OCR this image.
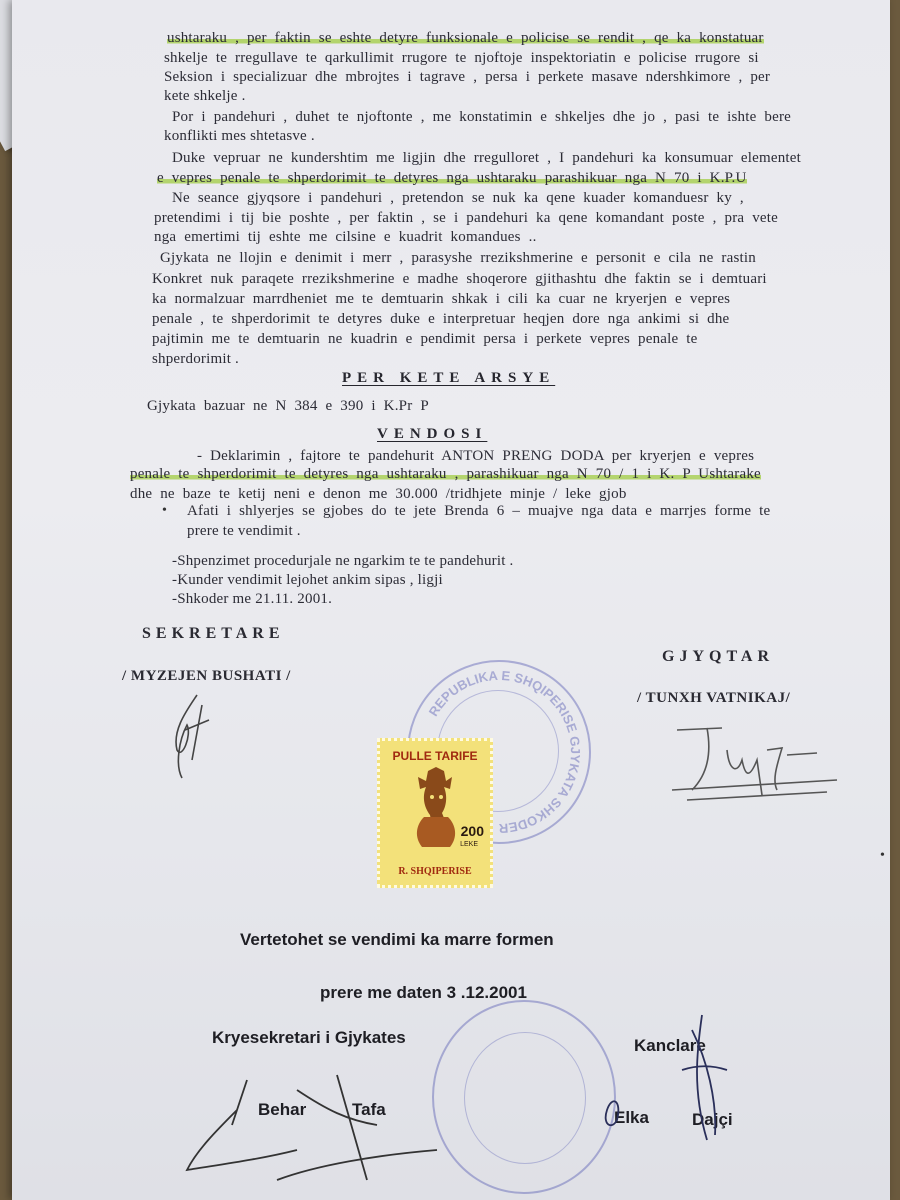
ushtaraku , per faktin se eshte detyre funksionale e policise se rendit , qe ka konstatuar
shkelje te rregullave te qarkullimit rrugore te njoftoje inspektoriatin e policise rrugore si
Seksion i specializuar dhe mbrojtes i tagrave , persa i perkete masave ndershkimore , per
kete shkelje .
Por i pandehuri , duhet te njoftonte , me konstatimin e shkeljes dhe jo , pasi te ishte bere
konflikti mes shtetasve .
Duke vepruar ne kundershtim me ligjin dhe rregulloret , I pandehuri ka konsumuar elementet
e vepres penale te shperdorimit te detyres nga ushtaraku parashikuar nga N 70 i K.P.U
Ne seance gjyqsore i pandehuri , pretendon se nuk ka qene kuader komanduesr ky ,
pretendimi i tij bie poshte , per faktin , se i pandehuri ka qene komandant poste , pra vete
nga emertimi tij eshte me cilsine e kuadrit komandues ..
Gjykata ne llojin e denimit i merr , parasyshe rrezikshmerine e personit e cila ne rastin
Konkret nuk paraqete rrezikshmerine e madhe shoqerore gjithashtu dhe faktin se i demtuari
ka normalzuar marrdheniet me te demtuarin shkak i cili ka cuar ne kryerjen e vepres
penale , te shperdorimit te detyres duke e interpretuar heqjen dore nga ankimi si dhe
pajtimin me te demtuarin ne kuadrin e pendimit persa i perkete vepres penale te
shperdorimit .
PER KETE ARSYE
Gjykata bazuar ne N 384 e 390 i K.Pr P
VENDOSI
- Deklarimin , fajtore te pandehurit ANTON PRENG DODA per kryerjen e vepres
penale te shperdorimit te detyres nga ushtaraku , parashikuar nga N 70 / 1 i K. P Ushtarake
dhe ne baze te ketij neni e denon me 30.000 /tridhjete minje / leke gjob
• Afati i shlyerjes se gjobes do te jete Brenda 6 – muajve nga data e marrjes forme te
prere te vendimit .
-Shpenzimet procedurjale ne ngarkim te te pandehurit .
-Kunder vendimit lejohet ankim sipas , ligji
-Shkoder me 21.11. 2001.
SEKRETARE
/ MYZEJEN BUSHATI /
GJYQTAR
/ TUNXH VATNIKAJ/
REPUBLIKA E SHQIPERISE GJYKATA SHKODER
PULLE TARIFE
200
LEKE
R. SHQIPERISE
Vertetohet se vendimi ka marre formen
prere me daten 3 .12.2001
Kryesekretari i Gjykates	Kanclare
Behar	Tafa	Elka	Dajçi
•
